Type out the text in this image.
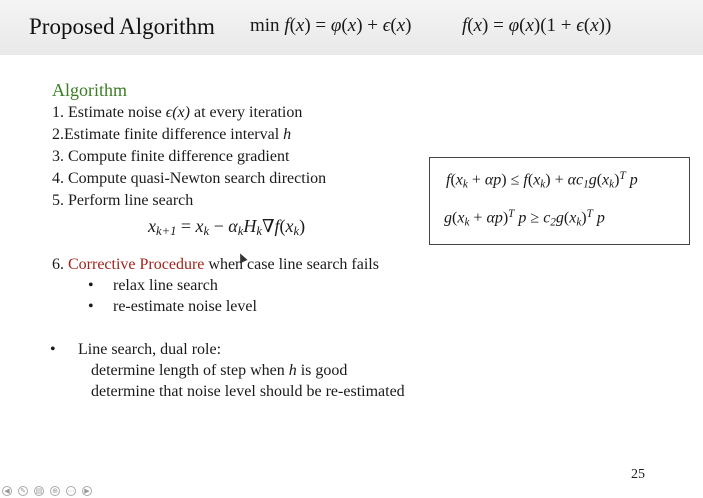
Proposed Algorithm min f(x) = φ(x) + ϵ(x)	f(x) = φ(x)(1 + ϵ(x))
Algorithm
1. Estimate noise ϵ(x) at every iteration
2.Estimate finite difference interval h
3. Compute finite difference gradient
4. Compute quasi-Newton search direction
5. Perform line search
$x_{k+1} = x_k - \alpha_kH_k\nabla f(x_k)$
6. Corrective Procedure when case line search fails
• relax line search
• re-estimate noise level
$f(x_k + \alpha p) \le f(x_k) + \alpha c_1g(x_k)^T$ p
$g(x_k + \alpha p)^T$ $p \ge c_2g(x_k)^T$ p
• Line search, dual role:
determine length of step when h is good
determine that noise level should be re-estimated
25
◀	✎ ▤ ⊕ ⋯	▶
